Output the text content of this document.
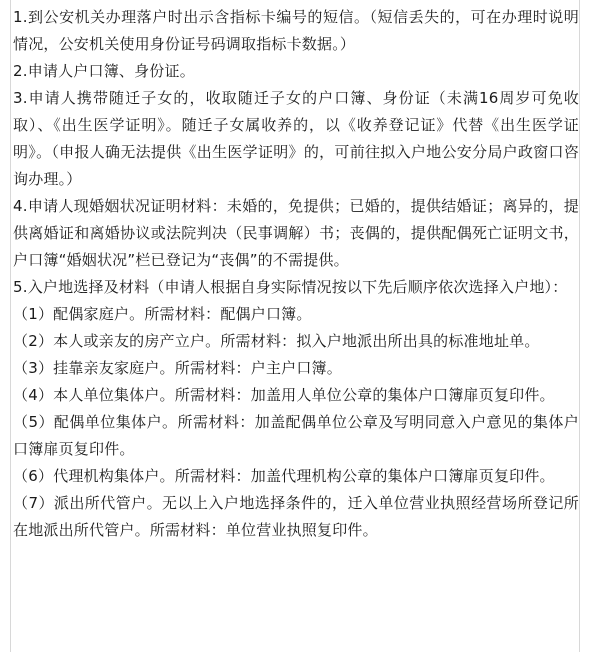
1.到公安机关办理落户时出示含指标卡编号的短信。（短信丢失的，可在办理时说明情况，公安机关使用身份证号码调取指标卡数据。）

2.申请人户口簿、身份证。

3.申请人携带随迁子女的，收取随迁子女的户口簿、身份证（未满16周岁可免收取）、《出生医学证明》。随迁子女属收养的，以《收养登记证》代替《出生医学证明》。（申报人确无法提供《出生医学证明》的，可前往拟入户地公安分局户政窗口咨询办理。）

4.申请人现婚姻状况证明材料：未婚的，免提供；已婚的，提供结婚证；离异的，提供离婚证和离婚协议或法院判决（民事调解）书；丧偶的，提供配偶死亡证明文书，户口簿“婚姻状况”栏已登记为“丧偶”的不需提供。

5.入户地选择及材料（申请人根据自身实际情况按以下先后顺序依次选择入户地）：

（1）配偶家庭户。所需材料：配偶户口簿。

（2）本人或亲友的房产立户。所需材料：拟入户地派出所出具的标准地址单。

（3）挂靠亲友家庭户。所需材料：户主户口簿。

（4）本人单位集体户。所需材料：加盖用人单位公章的集体户口簿扉页复印件。

（5）配偶单位集体户。所需材料：加盖配偶单位公章及写明同意入户意见的集体户口簿扉页复印件。

（6）代理机构集体户。所需材料：加盖代理机构公章的集体户口簿扉页复印件。

（7）派出所代管户。无以上入户地选择条件的，迁入单位营业执照经营场所登记所在地派出所代管户。所需材料：单位营业执照复印件。
